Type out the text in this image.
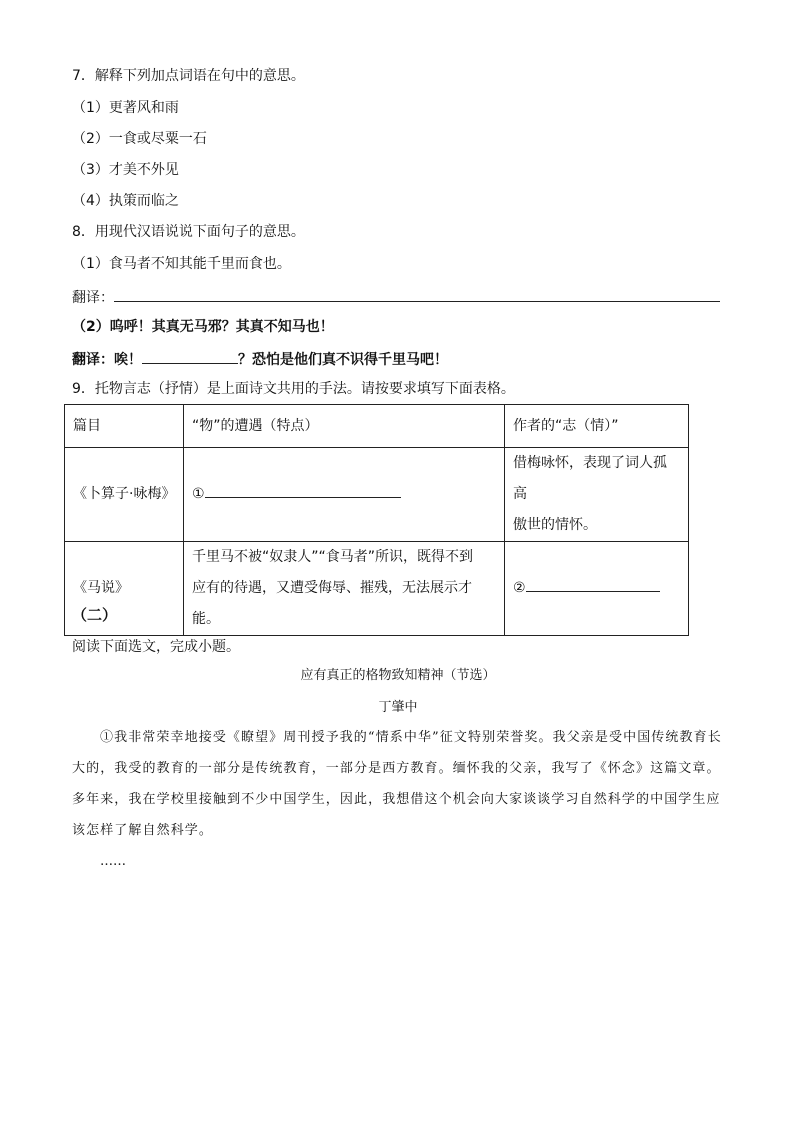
7．解释下列加点词语在句中的意思。
（1）更著风和雨
（2）一食或尽粟一石
（3）才美不外见
（4）执策而临之
8．用现代汉语说说下面句子的意思。
（1）食马者不知其能千里而食也。
翻译：
（2）呜呼！其真无马邪？其真不知马也！
翻译：唉！	？恐怕是他们真不识得千里马吧！
9．托物言志（抒情）是上面诗文共用的手法。请按要求填写下面表格。
篇目	“物”的遭遇（特点）	作者的“志（情）”
《卜算子·咏梅》	①	借梅咏怀，表现了词人孤高
傲世的情怀。

《马说》	千里马不被“奴隶人”“食马者”所识，既得不到
应有的待遇，又遭受侮辱、摧残，无法展示才能。	②
（二）
阅读下面选文，完成小题。
应有真正的格物致知精神（节选）
丁肇中
①我非常荣幸地接受《瞭望》周刊授予我的“情系中华”征文特别荣誉奖。我父亲是受中国传统教育长大的，我受的教育的一部分是传统教育，一部分是西方教育。缅怀我的父亲，我写了《怀念》这篇文章。多年来，我在学校里接触到不少中国学生，因此，我想借这个机会向大家谈谈学习自然科学的中国学生应该怎样了解自然科学。
……
